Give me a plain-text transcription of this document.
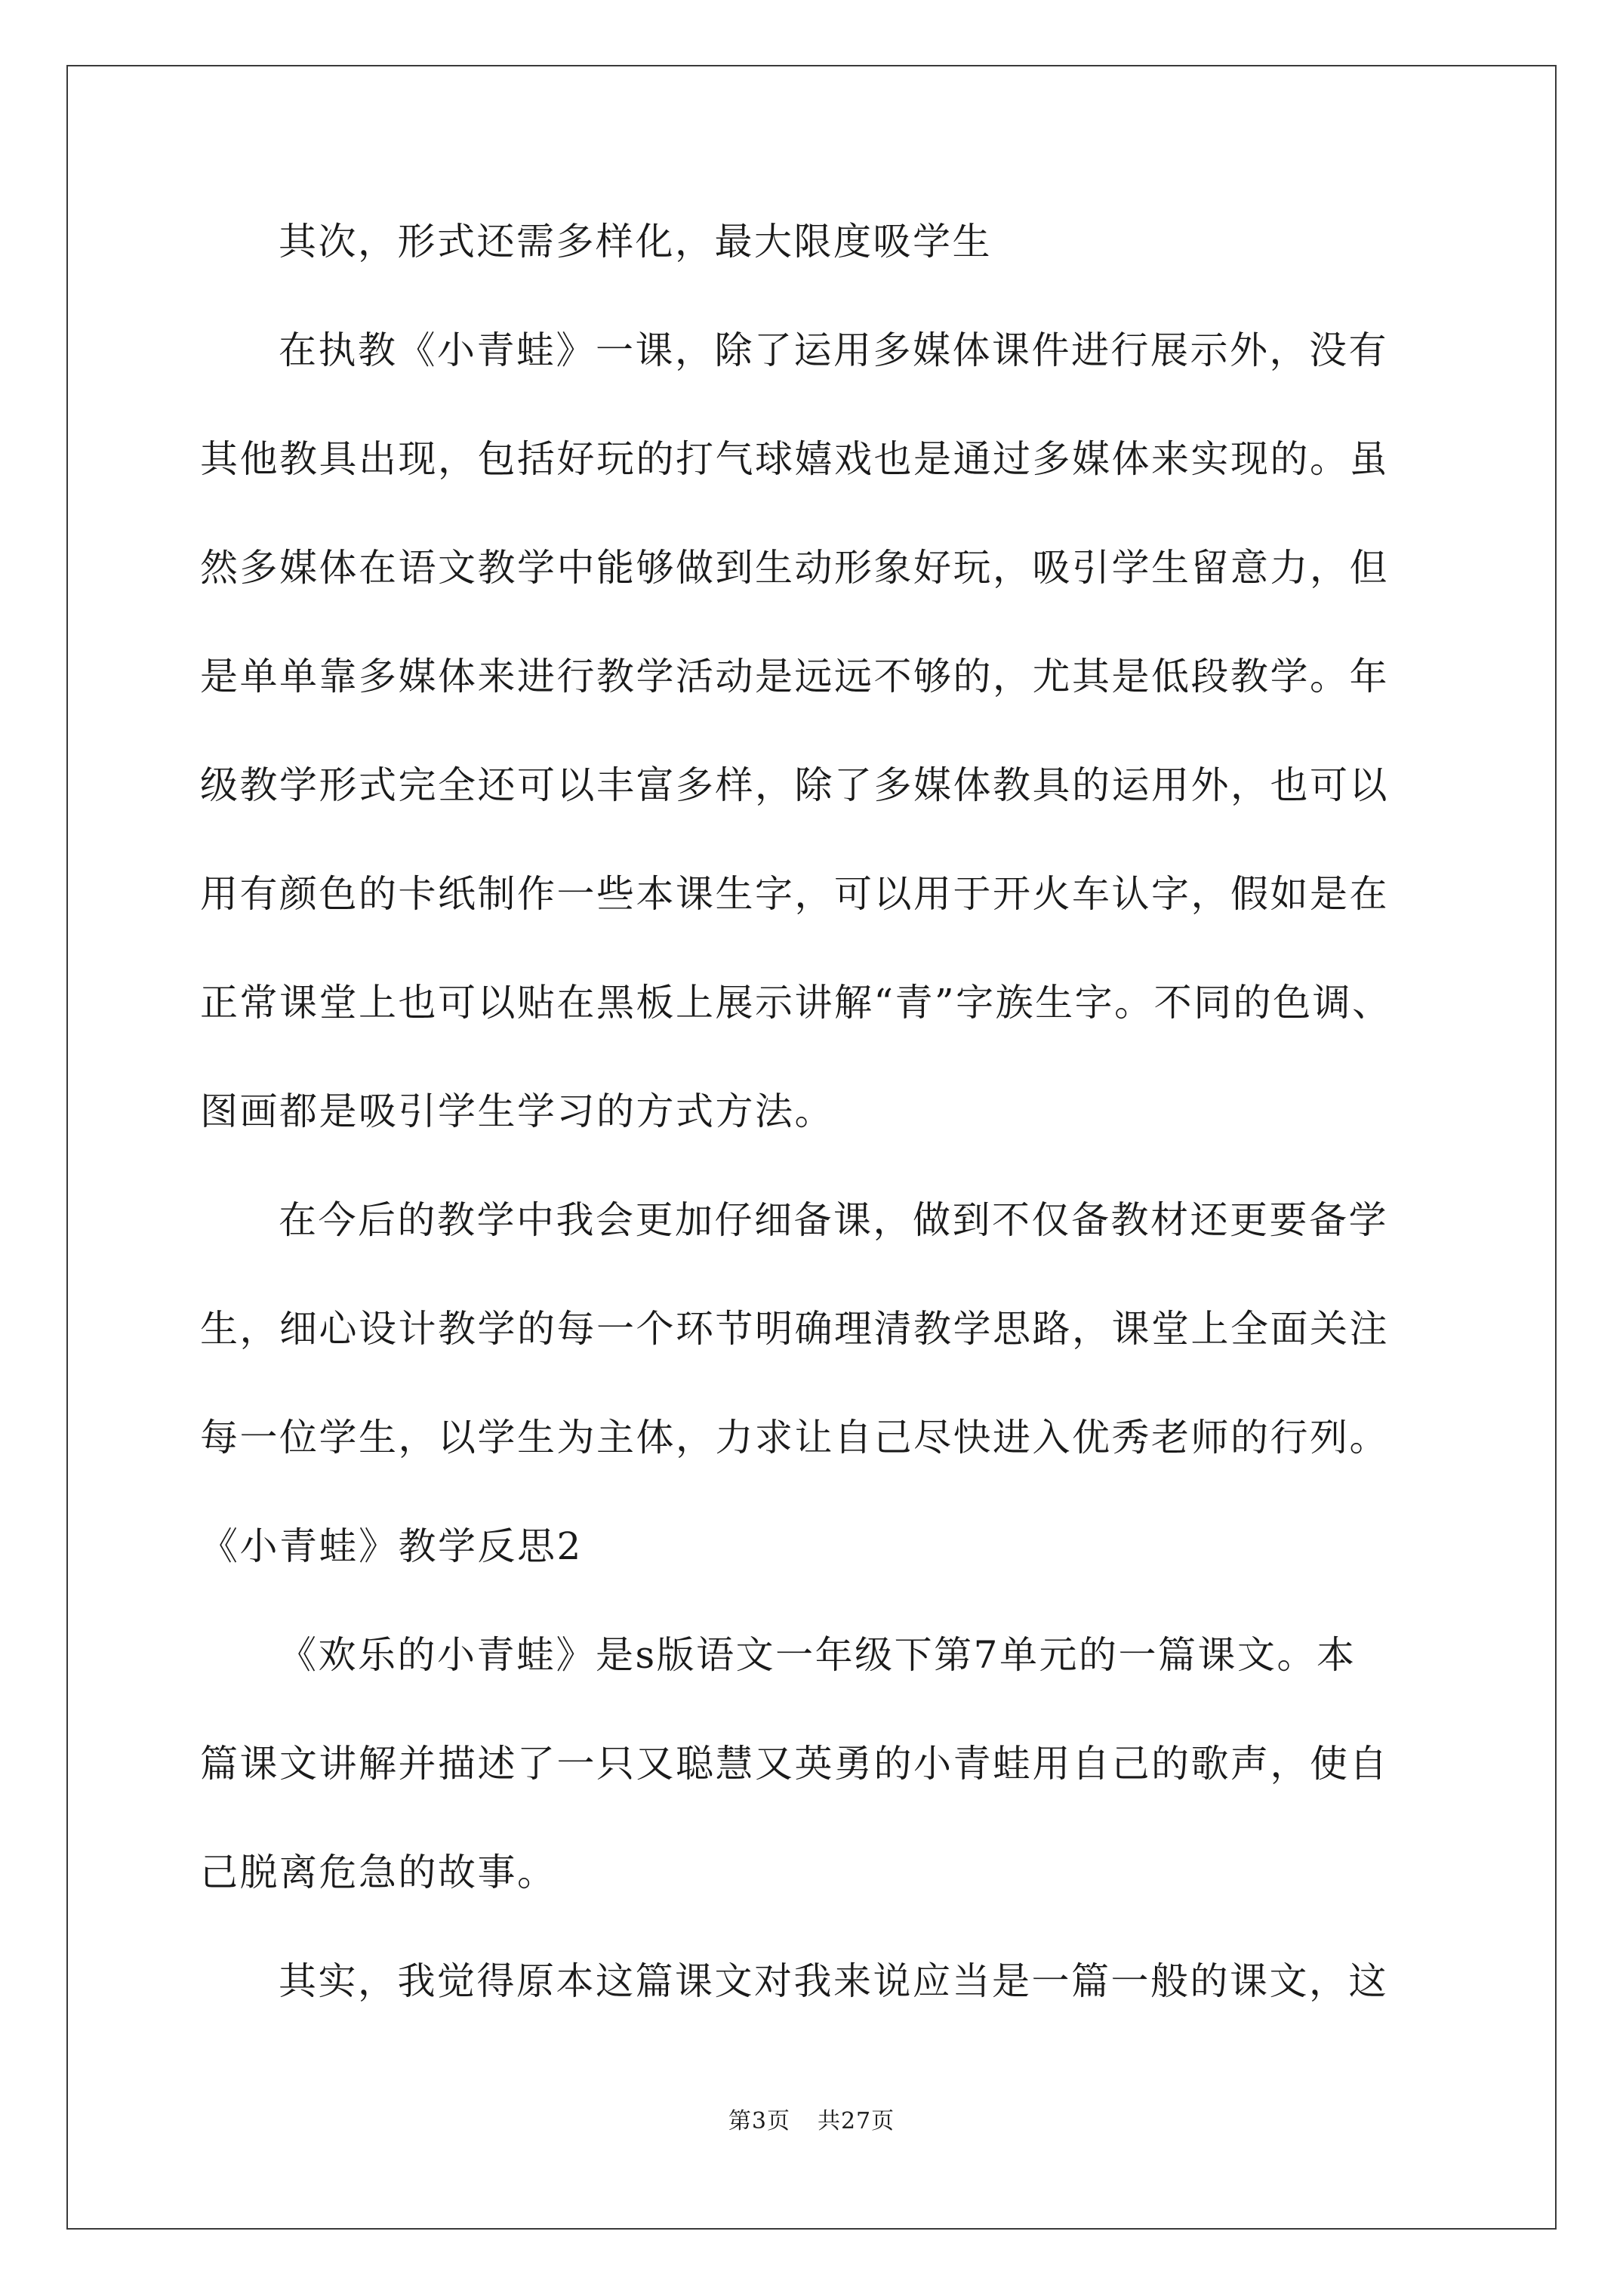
其次，形式还需多样化，最大限度吸学生
在执教《小青蛙》一课，除了运用多媒体课件进行展示外，没有
其他教具出现，包括好玩的打气球嬉戏也是通过多媒体来实现的。虽
然多媒体在语文教学中能够做到生动形象好玩，吸引学生留意力，但
是单单靠多媒体来进行教学活动是远远不够的，尤其是低段教学。年
级教学形式完全还可以丰富多样，除了多媒体教具的运用外，也可以
用有颜色的卡纸制作一些本课生字，可以用于开火车认字，假如是在
正常课堂上也可以贴在黑板上展示讲解“青”字族生字。不同的色调、
图画都是吸引学生学习的方式方法。
在今后的教学中我会更加仔细备课，做到不仅备教材还更要备学
生，细心设计教学的每一个环节明确理清教学思路，课堂上全面关注
每一位学生，以学生为主体，力求让自己尽快进入优秀老师的行列。
《小青蛙》教学反思2
《欢乐的小青蛙》是s版语文一年级下第7单元的一篇课文。本
篇课文讲解并描述了一只又聪慧又英勇的小青蛙用自己的歌声，使自
己脱离危急的故事。
其实，我觉得原本这篇课文对我来说应当是一篇一般的课文，这
第3页 共27页
